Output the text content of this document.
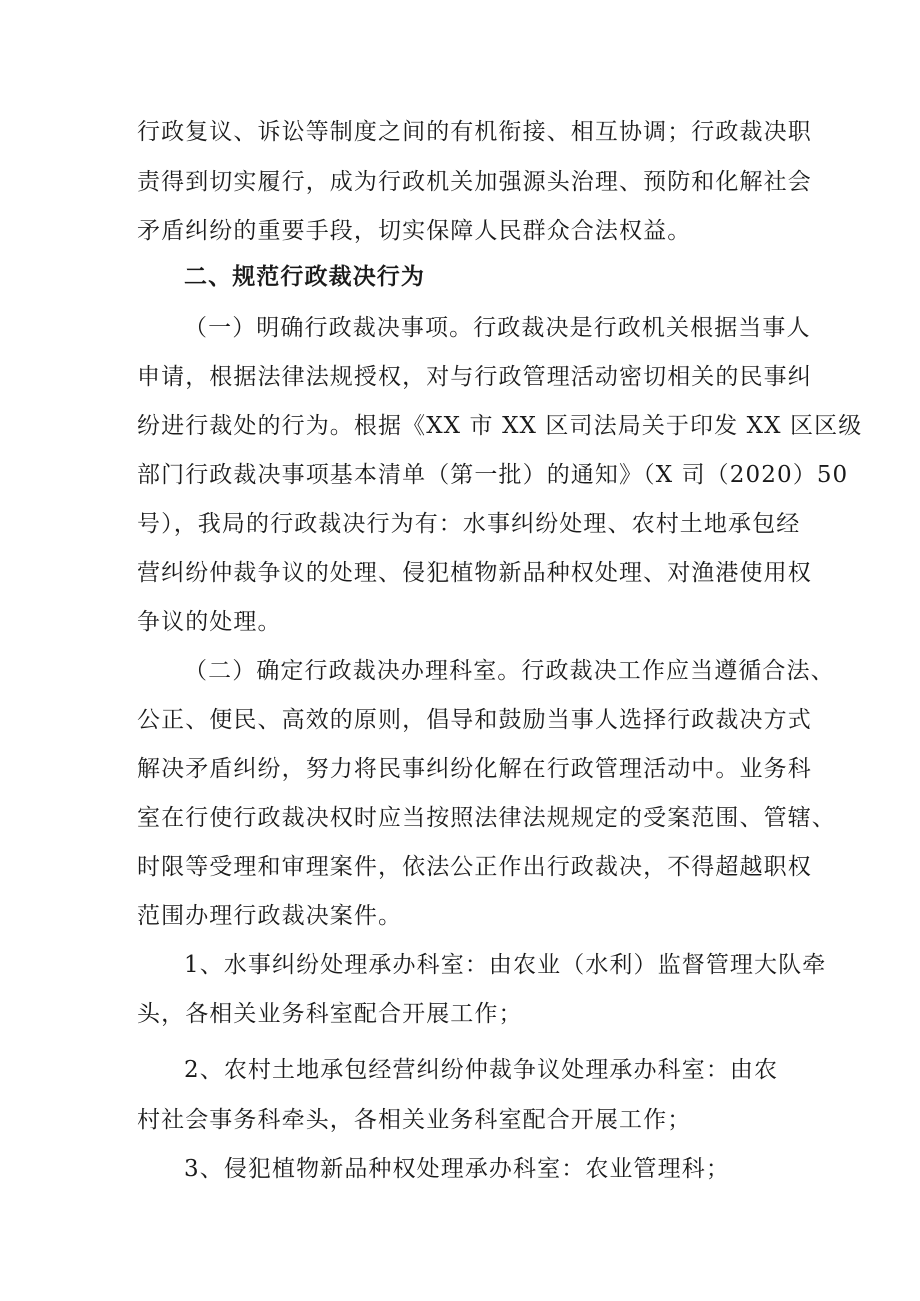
行政复议、诉讼等制度之间的有机衔接、相互协调；行政裁决职
责得到切实履行，成为行政机关加强源头治理、预防和化解社会
矛盾纠纷的重要手段，切实保障人民群众合法权益。
二、规范行政裁决行为
（一）明确行政裁决事项。行政裁决是行政机关根据当事人
申请，根据法律法规授权，对与行政管理活动密切相关的民事纠
纷进行裁处的行为。根据《XX 市 XX 区司法局关于印发 XX 区区级
部门行政裁决事项基本清单（第一批）的通知》（X 司（2020）50
号），我局的行政裁决行为有：水事纠纷处理、农村土地承包经
营纠纷仲裁争议的处理、侵犯植物新品种权处理、对渔港使用权
争议的处理。
（二）确定行政裁决办理科室。行政裁决工作应当遵循合法、
公正、便民、高效的原则，倡导和鼓励当事人选择行政裁决方式
解决矛盾纠纷，努力将民事纠纷化解在行政管理活动中。业务科
室在行使行政裁决权时应当按照法律法规规定的受案范围、管辖、
时限等受理和审理案件，依法公正作出行政裁决，不得超越职权
范围办理行政裁决案件。
1、水事纠纷处理承办科室：由农业（水利）监督管理大队牵
头，各相关业务科室配合开展工作；
2、农村土地承包经营纠纷仲裁争议处理承办科室：由农
村社会事务科牵头，各相关业务科室配合开展工作；
3、侵犯植物新品种权处理承办科室：农业管理科；
